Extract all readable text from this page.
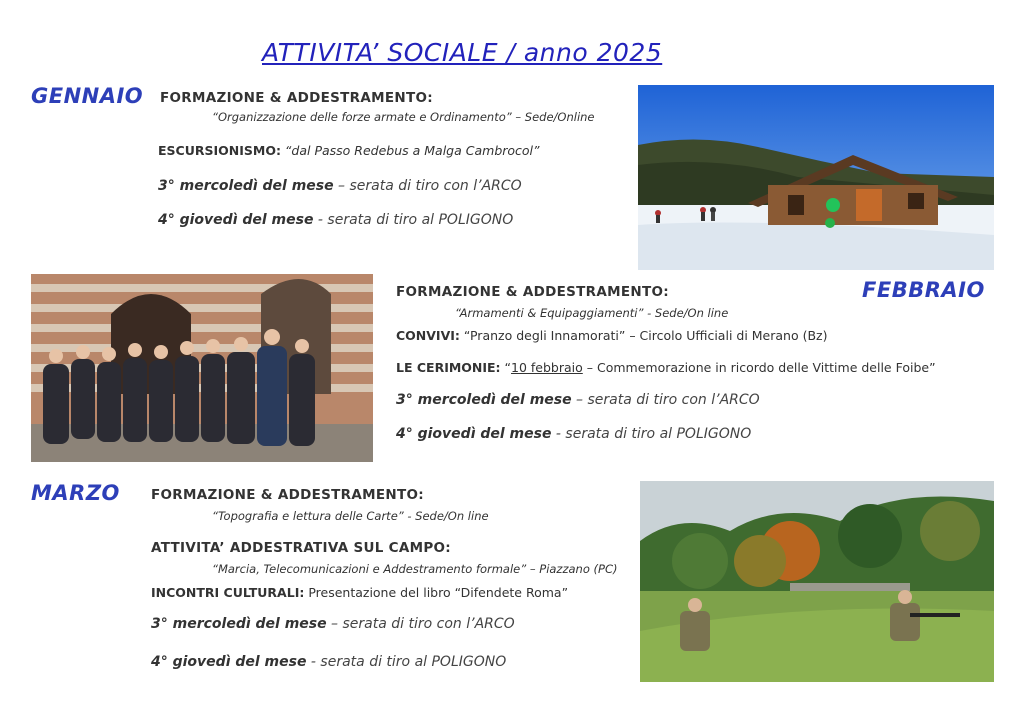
ATTIVITA’ SOCIALE / anno 2025
GENNAIO FORMAZIONE & ADDESTRAMENTO:
“Organizzazione delle forze armate e Ordinamento” – Sede/Online
ESCURSIONISMO: “dal Passo Redebus a Malga Cambrocol”
3° mercoledì del mese – serata di tiro con l’ARCO
4° giovedì del mese - serata di tiro al POLIGONO
FEBBRAIO
FORMAZIONE & ADDESTRAMENTO:
“Armamenti & Equipaggiamenti” - Sede/On line
CONVIVI: “Pranzo degli Innamorati” – Circolo Ufficiali di Merano (Bz)
LE CERIMONIE: “10 febbraio – Commemorazione in ricordo delle Vittime delle Foibe”
3° mercoledì del mese – serata di tiro con l’ARCO
4° giovedì del mese - serata di tiro al POLIGONO
MARZO FORMAZIONE & ADDESTRAMENTO:
“Topografia e lettura delle Carte” - Sede/On line
ATTIVITA’ ADDESTRATIVA SUL CAMPO:
“Marcia, Telecomunicazioni e Addestramento formale” – Piazzano (PC)
INCONTRI CULTURALI: Presentazione del libro “Difendete Roma”
3° mercoledì del mese – serata di tiro con l’ARCO
4° giovedì del mese - serata di tiro al POLIGONO
